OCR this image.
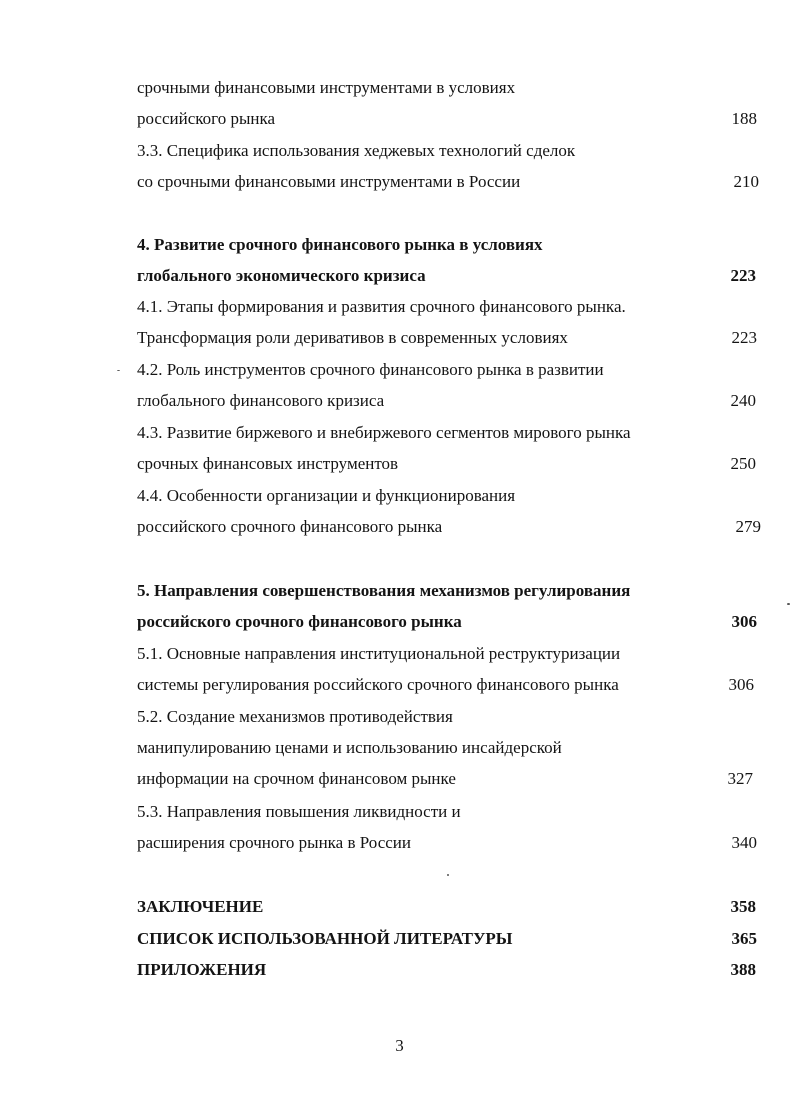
срочными финансовыми инструментами в условиях
российского рынка	188
3.3. Специфика использования хеджевых технологий сделок
со срочными финансовыми инструментами в России	210
4. Развитие срочного финансового рынка в условиях
глобального экономического кризиса	223
4.1. Этапы формирования и развития срочного финансового рынка.
Трансформация роли деривативов в современных условиях	223
4.2. Роль инструментов срочного финансового рынка в развитии
глобального финансового кризиса	240
4.3. Развитие биржевого и внебиржевого сегментов мирового рынка
срочных финансовых инструментов	250
4.4. Особенности организации и функционирования
российского срочного финансового рынка	279
5. Направления совершенствования механизмов регулирования
российского срочного финансового рынка	306
5.1. Основные направления институциональной реструктуризации
системы регулирования российского срочного финансового рынка	306
5.2. Создание механизмов противодействия
манипулированию ценами и использованию инсайдерской
информации на срочном финансовом рынке	327
5.3. Направления повышения ликвидности и
расширения срочного рынка в России	340
ЗАКЛЮЧЕНИЕ	358
СПИСОК ИСПОЛЬЗОВАННОЙ ЛИТЕРАТУРЫ	365
ПРИЛОЖЕНИЯ	388
3
